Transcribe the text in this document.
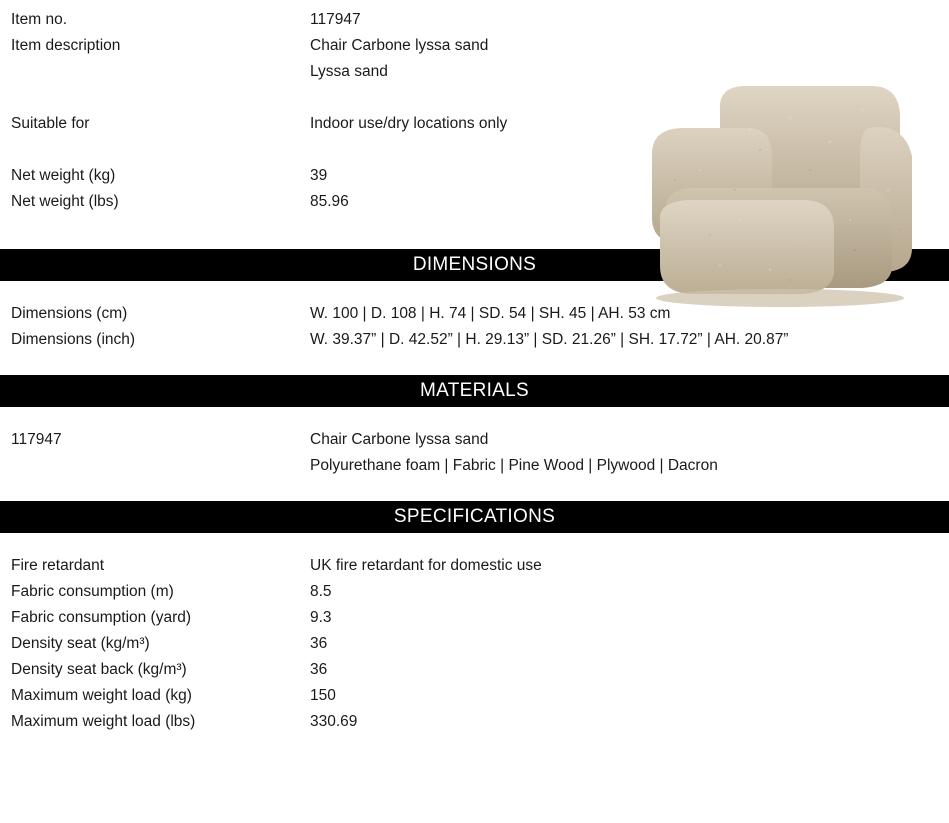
Item no.	117947
Item description	Chair Carbone lyssa sand
Lyssa sand
Suitable for	Indoor use/dry locations only
Net weight (kg)	39
Net weight (lbs)	85.96
DIMENSIONS
Dimensions (cm)	W. 100 | D. 108 | H. 74 | SD. 54 | SH. 45 | AH. 53 cm
Dimensions (inch)	W. 39.37” | D. 42.52” | H. 29.13” | SD. 21.26” | SH. 17.72” | AH. 20.87”
MATERIALS
117947	Chair Carbone lyssa sand
Polyurethane foam | Fabric | Pine Wood | Plywood | Dacron
SPECIFICATIONS
Fire retardant	UK fire retardant for domestic use
Fabric consumption (m)	8.5
Fabric consumption (yard)	9.3
Density seat (kg/m³)	36
Density seat back (kg/m³)	36
Maximum weight load (kg)	150
Maximum weight load (lbs)	330.69
